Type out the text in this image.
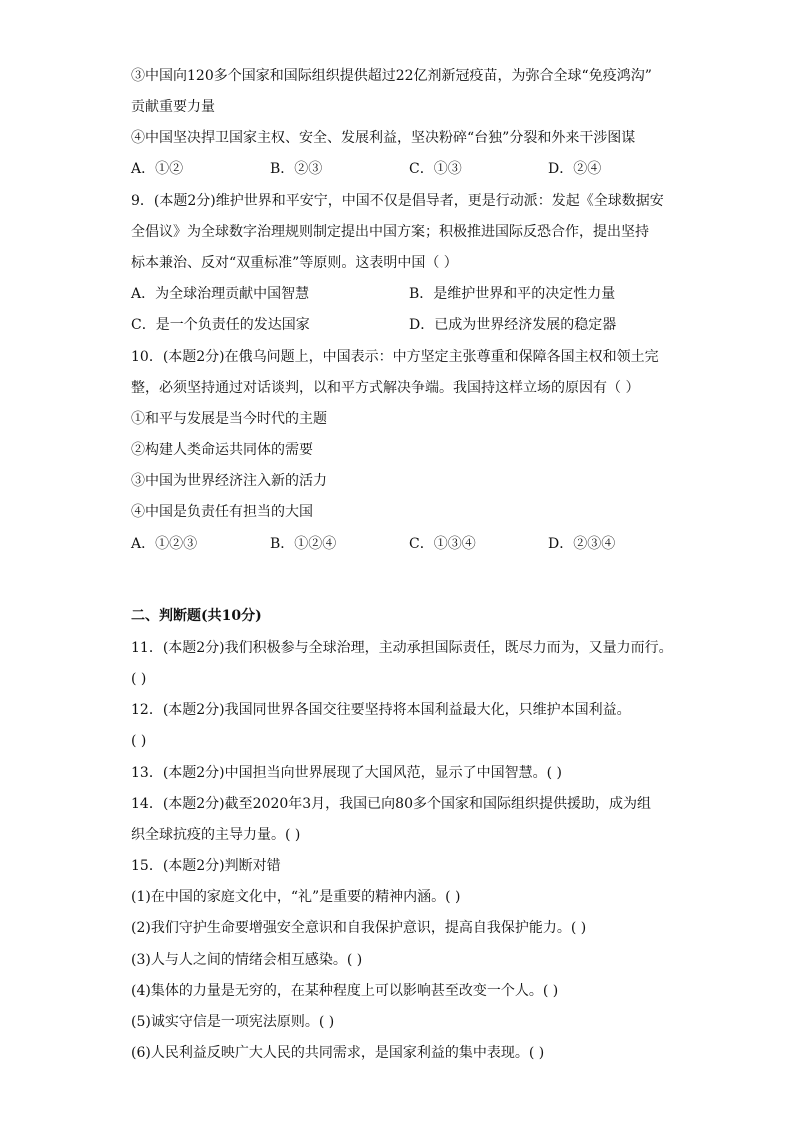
③中国向120多个国家和国际组织提供超过22亿剂新冠疫苗，为弥合全球“免疫鸿沟”
贡献重要力量
④中国坚决捍卫国家主权、安全、发展利益，坚决粉碎“台独”分裂和外来干涉图谋
A．①②	B．②③	C．①③	D．②④
9．(本题2分)维护世界和平安宁，中国不仅是倡导者，更是行动派：发起《全球数据安
全倡议》为全球数字治理规则制定提出中国方案；积极推进国际反恐合作，提出坚持
标本兼治、反对“双重标准”等原则。这表明中国（ ）
A．为全球治理贡献中国智慧	B．是维护世界和平的决定性力量
C．是一个负责任的发达国家	D．已成为世界经济发展的稳定器
10．(本题2分)在俄乌问题上，中国表示：中方坚定主张尊重和保障各国主权和领土完
整，必须坚持通过对话谈判，以和平方式解决争端。我国持这样立场的原因有（ ）
①和平与发展是当今时代的主题
②构建人类命运共同体的需要
③中国为世界经济注入新的活力
④中国是负责任有担当的大国
A．①②③	B．①②④	C．①③④	D．②③④
二、判断题(共10分)
11．(本题2分)我们积极参与全球治理，主动承担国际责任，既尽力而为，又量力而行。
( )
12．(本题2分)我国同世界各国交往要坚持将本国利益最大化，只维护本国利益。
( )
13．(本题2分)中国担当向世界展现了大国风范，显示了中国智慧。( )
14．(本题2分)截至2020年3月，我国已向80多个国家和国际组织提供援助，成为组
织全球抗疫的主导力量。( )
15．(本题2分)判断对错
(1)在中国的家庭文化中，“礼”是重要的精神内涵。( )
(2)我们守护生命要增强安全意识和自我保护意识，提高自我保护能力。( )
(3)人与人之间的情绪会相互感染。( )
(4)集体的力量是无穷的，在某种程度上可以影响甚至改变一个人。( )
(5)诚实守信是一项宪法原则。( )
(6)人民利益反映广大人民的共同需求，是国家利益的集中表现。( )
